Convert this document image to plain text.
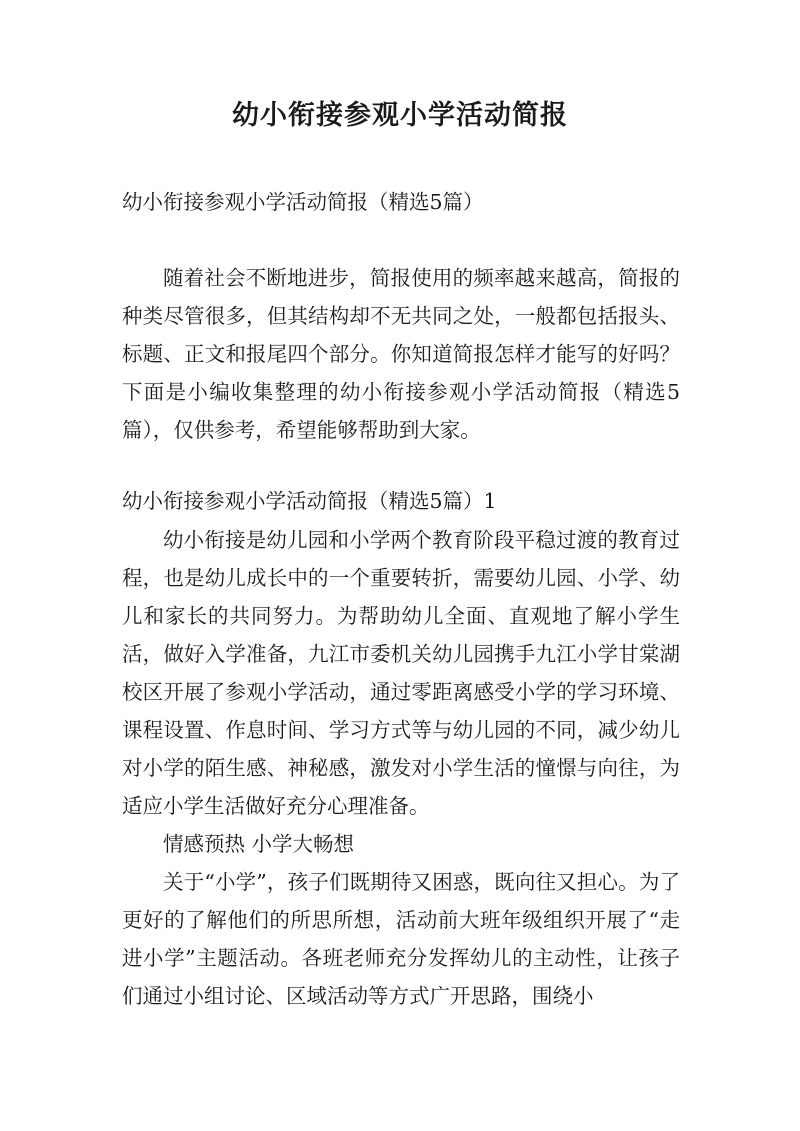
幼小衔接参观小学活动简报

幼小衔接参观小学活动简报（精选5篇）

随着社会不断地进步，简报使用的频率越来越高，简报的种类尽管很多，但其结构却不无共同之处，一般都包括报头、标题、正文和报尾四个部分。你知道简报怎样才能写的好吗？下面是小编收集整理的幼小衔接参观小学活动简报（精选5篇），仅供参考，希望能够帮助到大家。

幼小衔接参观小学活动简报（精选5篇）1

幼小衔接是幼儿园和小学两个教育阶段平稳过渡的教育过程，也是幼儿成长中的一个重要转折，需要幼儿园、小学、幼儿和家长的共同努力。为帮助幼儿全面、直观地了解小学生活，做好入学准备，九江市委机关幼儿园携手九江小学甘棠湖校区开展了参观小学活动，通过零距离感受小学的学习环境、课程设置、作息时间、学习方式等与幼儿园的不同，减少幼儿对小学的陌生感、神秘感，激发对小学生活的憧憬与向往，为适应小学生活做好充分心理准备。

情感预热 小学大畅想

关于“小学”，孩子们既期待又困惑，既向往又担心。为了更好的了解他们的所思所想，活动前大班年级组织开展了“走进小学”主题活动。各班老师充分发挥幼儿的主动性，让孩子们通过小组讨论、区域活动等方式广开思路，围绕小
